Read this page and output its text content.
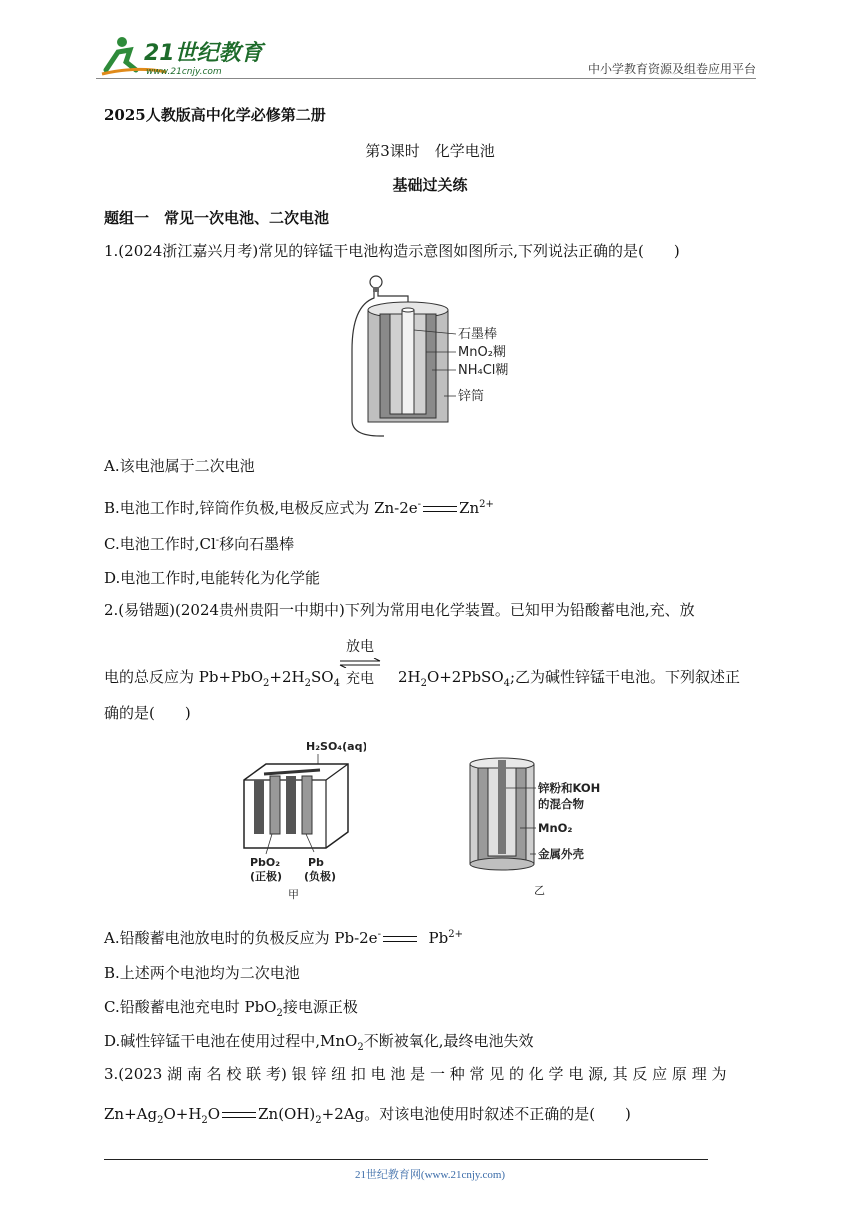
21世纪教育
www.21cnjy.com	中小学教育资源及组卷应用平台
2025人教版高中化学必修第二册
第3课时　化学电池
基础过关练
题组一　常见一次电池、二次电池
1.(2024浙江嘉兴月考)常见的锌锰干电池构造示意图如图所示,下列说法正确的是(　　)
石墨棒
MnO₂糊
NH₄Cl糊
锌筒
A.该电池属于二次电池
B.电池工作时,锌筒作负极,电极反应式为 Zn-2e-	$Zn^{2+}$
C.电池工作时,Cl-移向石墨棒
D.电池工作时,电能转化为化学能
2.(易错题)(2024贵州贵阳一中期中)下列为常用电化学装置。已知甲为铅酸蓄电池,充、放
放电
充电
电的总反应为 $Pb+PbO_2+2H_2SO_4$	$2H_2O+2PbSO_4$;乙为碱性锌锰干电池。下列叙述正
确的是(　　)
H₂SO₄(aq)
PbO₂
(正极)
Pb
(负极)
甲
锌粉和KOH
的混合物
MnO₂
金属外壳
乙
A.铅酸蓄电池放电时的负极反应为 Pb-2e-	$Pb^{2+}$
B.上述两个电池均为二次电池
C.铅酸蓄电池充电时 PbO$_2$接电源正极
D.碱性锌锰干电池在使用过程中,MnO$_2$不断被氧化,最终电池失效
3.(2023 湖 南 名 校 联 考) 银 锌 纽 扣 电 池 是 一 种 常 见 的 化 学 电 源, 其 反 应 原 理 为
$Zn+Ag_2O+H_2O$	$Zn(OH)_2+2Ag$。对该电池使用时叙述不正确的是(　　)
21世纪教育网(www.21cnjy.com)
